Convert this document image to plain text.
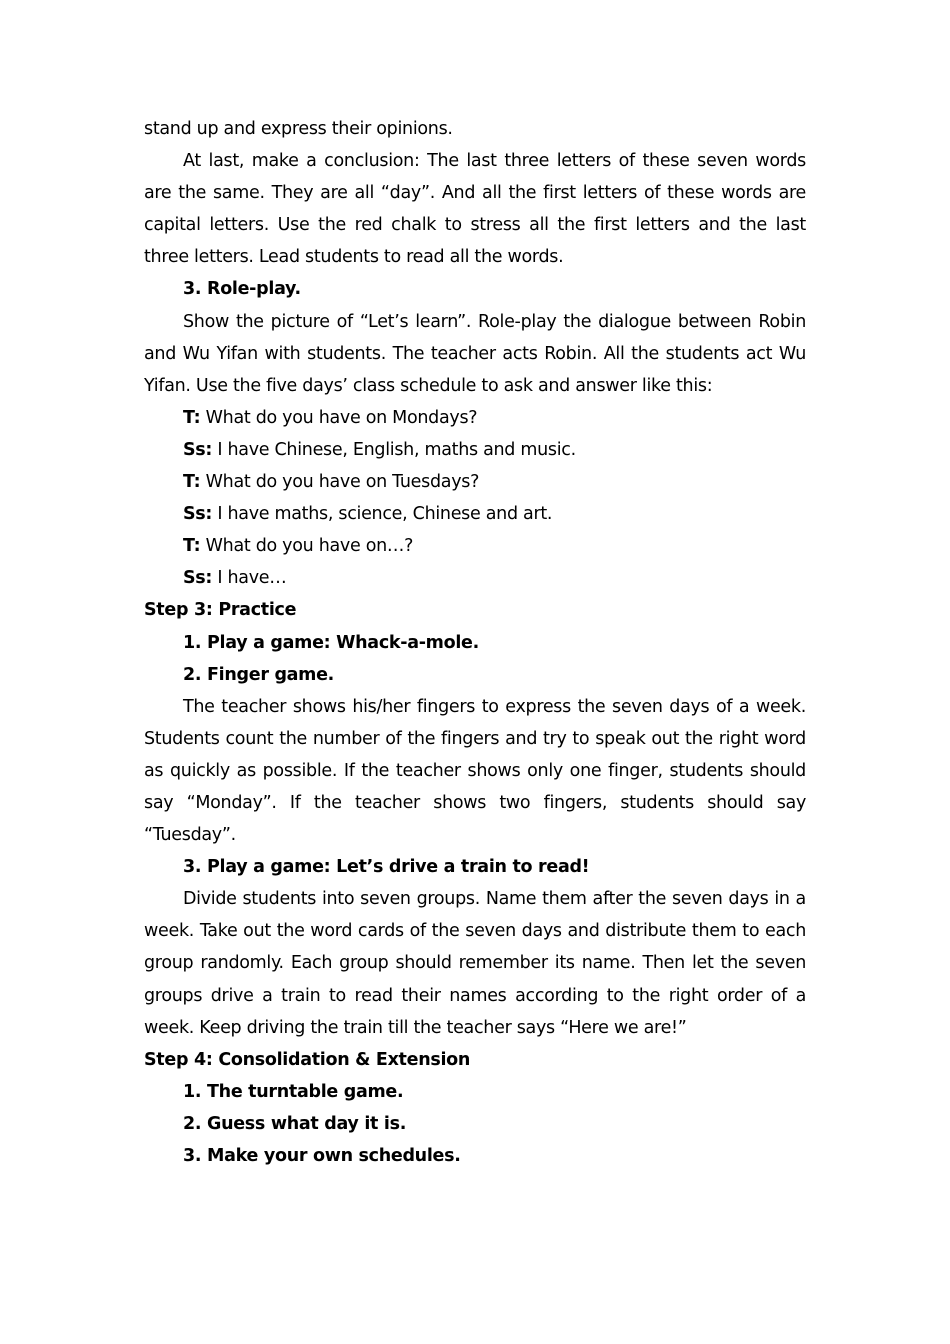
stand up and express their opinions.

At last, make a conclusion: The last three letters of these seven words are the same. They are all “day”. And all the first letters of these words are capital letters. Use the red chalk to stress all the first letters and the last three letters. Lead students to read all the words.

3. Role-play.

Show the picture of “Let’s learn”. Role-play the dialogue between Robin and Wu Yifan with students. The teacher acts Robin. All the students act Wu Yifan. Use the five days’ class schedule to ask and answer like this:

T: What do you have on Mondays?
Ss: I have Chinese, English, maths and music.
T: What do you have on Tuesdays?
Ss: I have maths, science, Chinese and art.
T: What do you have on…?
Ss: I have…
Step 3: Practice
1. Play a game: Whack-a-mole.
2. Finger game.

The teacher shows his/her fingers to express the seven days of a week. Students count the number of the fingers and try to speak out the right word as quickly as possible. If the teacher shows only one finger, students should say “Monday”. If the teacher shows two fingers, students should say “Tuesday”.

3. Play a game: Let’s drive a train to read!

Divide students into seven groups. Name them after the seven days in a week. Take out the word cards of the seven days and distribute them to each group randomly. Each group should remember its name. Then let the seven groups drive a train to read their names according to the right order of a week. Keep driving the train till the teacher says “Here we are!”

Step 4: Consolidation & Extension
1. The turntable game.
2. Guess what day it is.
3. Make your own schedules.
